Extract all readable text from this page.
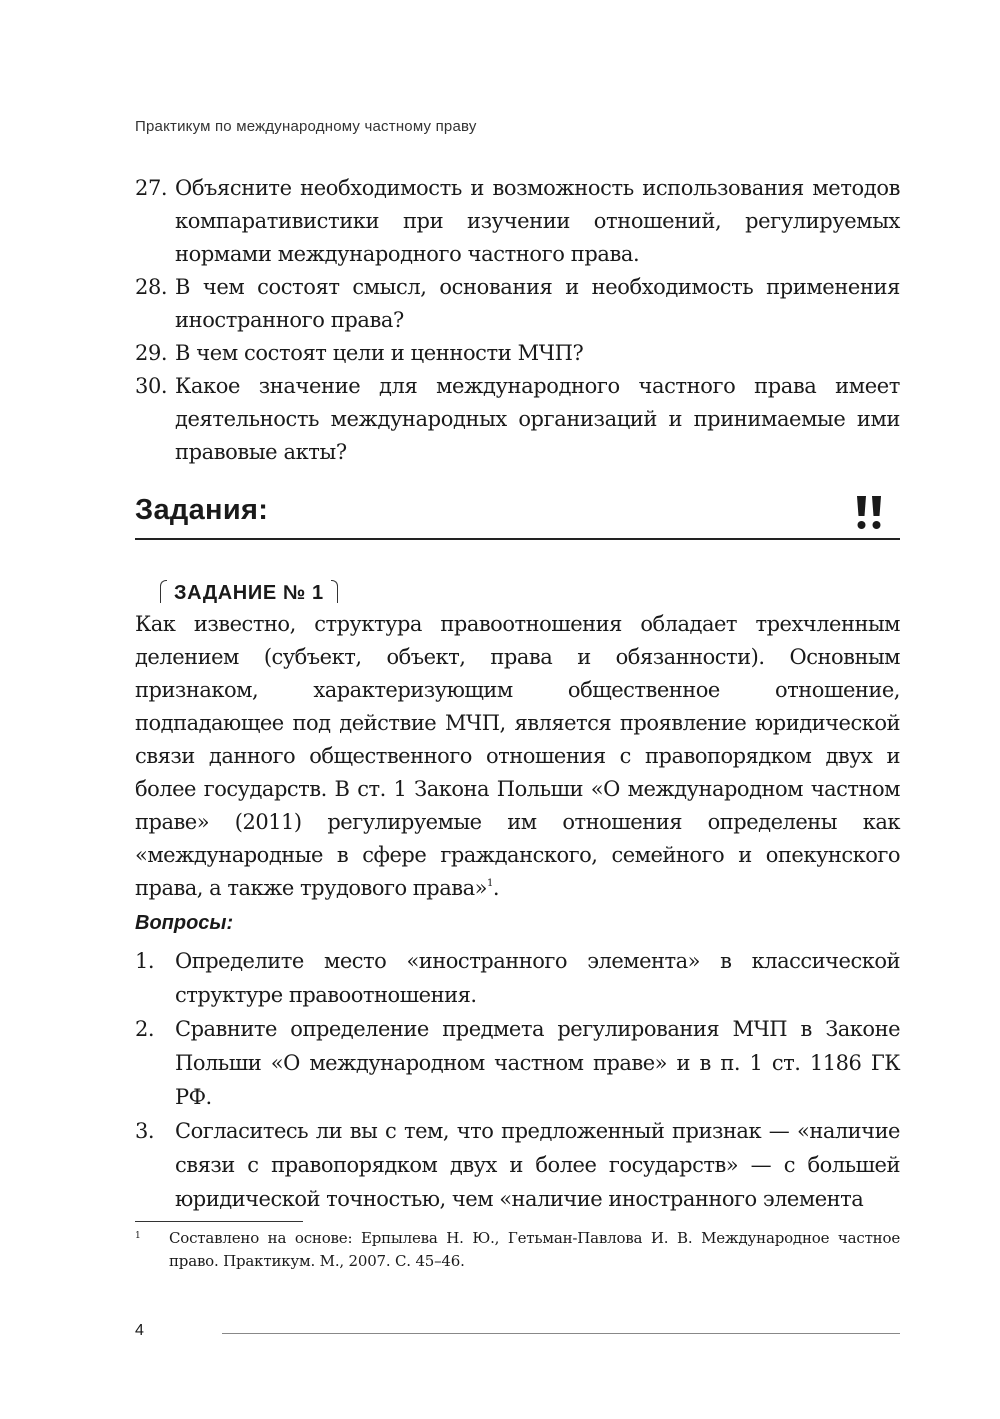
Практикум по международному частному праву
27. Объясните необходимость и возможность использования методов компаративистики при изучении отношений, регулируемых нормами международного частного права.
28. В чем состоят смысл, основания и необходимость применения иностранного права?
29. В чем состоят цели и ценности МЧП?
30. Какое значение для международного частного права имеет деятельность международных организаций и принимаемые ими правовые акты?
Задания:
ЗАДАНИЕ № 1
Как известно, структура правоотношения обладает трехчленным делением (субъект, объект, права и обязанности). Основным признаком, характеризующим общественное отношение, подпадающее под действие МЧП, является проявление юридической связи данного общественного отношения с правопорядком двух и более государств. В ст. 1 Закона Польши «О международном частном праве» (2011) регулируемые им отношения определены как «международные в сфере гражданского, семейного и опекунского права, а также трудового права»$^1$.
Вопросы:
1. Определите место «иностранного элемента» в классической структуре правоотношения.
2. Сравните определение предмета регулирования МЧП в Законе Польши «О международном частном праве» и в п. 1 ст. 1186 ГК РФ.
3. Согласитесь ли вы с тем, что предложенный признак — «наличие связи с правопорядком двух и более государств» — с большей юридической точностью, чем «наличие иностранного элемента
1	Составлено на основе: Ерпылева Н. Ю., Гетьман-Павлова И. В. Международное частное право. Практикум. М., 2007. С. 45–46.
4
